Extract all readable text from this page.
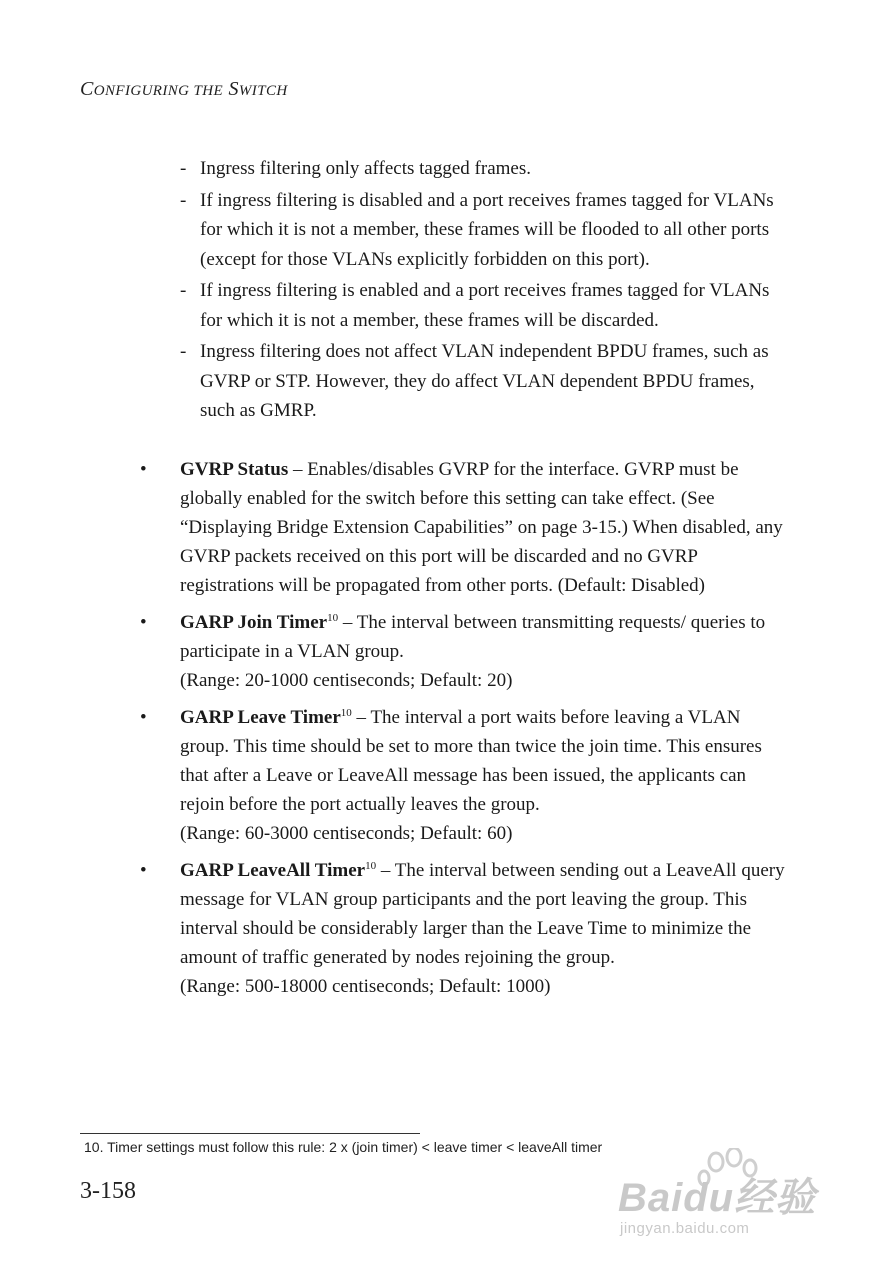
CONFIGURING THE SWITCH
- Ingress filtering only affects tagged frames.
- If ingress filtering is disabled and a port receives frames tagged for VLANs for which it is not a member, these frames will be flooded to all other ports (except for those VLANs explicitly forbidden on this port).
- If ingress filtering is enabled and a port receives frames tagged for VLANs for which it is not a member, these frames will be discarded.
- Ingress filtering does not affect VLAN independent BPDU frames, such as GVRP or STP. However, they do affect VLAN dependent BPDU frames, such as GMRP.
• GVRP Status – Enables/disables GVRP for the interface. GVRP must be globally enabled for the switch before this setting can take effect. (See “Displaying Bridge Extension Capabilities” on page 3-15.) When disabled, any GVRP packets received on this port will be discarded and no GVRP registrations will be propagated from other ports. (Default: Disabled)
• GARP Join Timer$^{10}$ – The interval between transmitting requests/ queries to participate in a VLAN group.
(Range: 20-1000 centiseconds; Default: 20)
• GARP Leave Timer$^{10}$ – The interval a port waits before leaving a VLAN group. This time should be set to more than twice the join time. This ensures that after a Leave or LeaveAll message has been issued, the applicants can rejoin before the port actually leaves the group.
(Range: 60-3000 centiseconds; Default: 60)
• GARP LeaveAll Timer$^{10}$ – The interval between sending out a LeaveAll query message for VLAN group participants and the port leaving the group. This interval should be considerably larger than the Leave Time to minimize the amount of traffic generated by nodes rejoining the group.
(Range: 500-18000 centiseconds; Default: 1000)
10. Timer settings must follow this rule: 2 x (join timer) < leave timer < leaveAll timer
3-158	Baidu经验
jingyan.baidu.com
